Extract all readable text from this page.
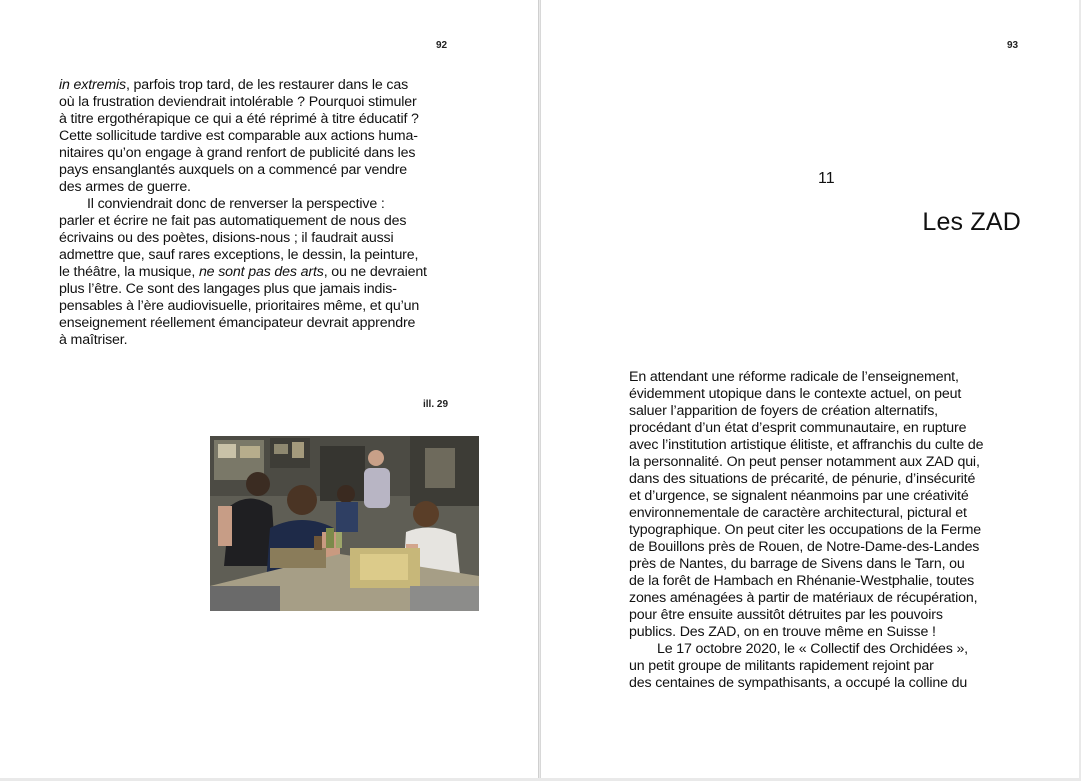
92
in extremis, parfois trop tard, de les restaurer dans le cas
où la frustration deviendrait intolérable ? Pourquoi stimuler
à titre ergothérapique ce qui a été réprimé à titre éducatif ?
Cette sollicitude tardive est comparable aux actions huma-
nitaires qu’on engage à grand renfort de publicité dans les
pays ensanglantés auxquels on a commencé par vendre
des armes de guerre.
Il conviendrait donc de renverser la perspective :
parler et écrire ne fait pas automatiquement de nous des
écrivains ou des poètes, disions-nous ; il faudrait aussi
admettre que, sauf rares exceptions, le dessin, la peinture,
le théâtre, la musique, ne sont pas des arts, ou ne devraient
plus l’être. Ce sont des langages plus que jamais indis-
pensables à l’ère audiovisuelle, prioritaires même, et qu’un
enseignement réellement émancipateur devrait apprendre
à maîtriser.
ill. 29
93
11
Les ZAD
En attendant une réforme radicale de l’enseignement,
évidemment utopique dans le contexte actuel, on peut
saluer l’apparition de foyers de création alternatifs,
procédant d’un état d’esprit communautaire, en rupture
avec l’institution artistique élitiste, et affranchis du culte de
la personnalité. On peut penser notamment aux ZAD qui,
dans des situations de précarité, de pénurie, d’insécurité
et d’urgence, se signalent néanmoins par une créativité
environnementale de caractère architectural, pictural et
typographique. On peut citer les occupations de la Ferme
de Bouillons près de Rouen, de Notre-Dame-des-Landes
près de Nantes, du barrage de Sivens dans le Tarn, ou
de la forêt de Hambach en Rhénanie-Westphalie, toutes
zones aménagées à partir de matériaux de récupération,
pour être ensuite aussitôt détruites par les pouvoirs
publics. Des ZAD, on en trouve même en Suisse !
Le 17 octobre 2020, le « Collectif des Orchidées »,
un petit groupe de militants rapidement rejoint par
des centaines de sympathisants, a occupé la colline du
